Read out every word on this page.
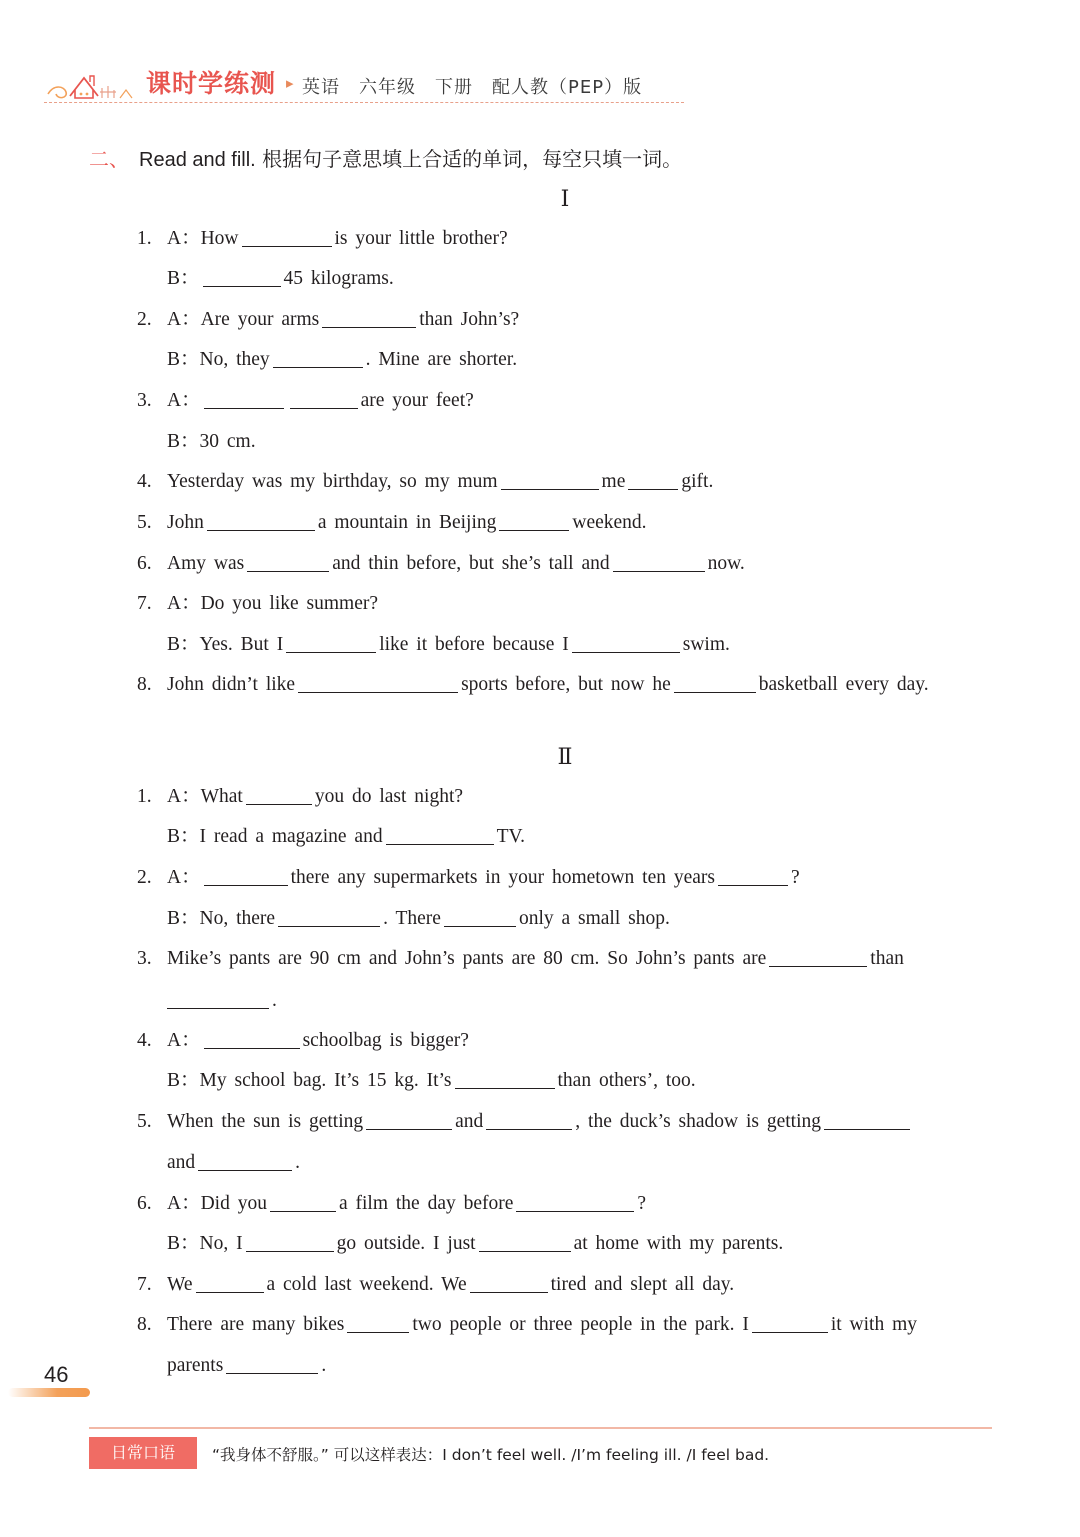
课时学练测 ▸ 英语　六年级　下册　配人教（PEP）版
二、 Read and fill. 根据句子意思填上合适的单词，每空只填一词。
Ⅰ
1. A：How	is your little brother?
B：	45 kilograms.
2. A：Are your arms	than John’s?
B：No, they	. Mine are shorter.
3. A：	are your feet?
B：30 cm.
4. Yesterday was my birthday, so my mum	me	gift.
5. John	a mountain in Beijing	weekend.
6. Amy was	and thin before, but she’s tall and	now.
7. A：Do you like summer?
B：Yes. But I	like it before because I	swim.
8. John didn’t like	sports before, but now he	basketball every day.
Ⅱ
1. A：What	you do last night?
B：I read a magazine and	TV.
2. A：	there any supermarkets in your hometown ten years	?
B：No, there	. There	only a small shop.
3. Mike’s pants are 90 cm and John’s pants are 80 cm. So John’s pants are	than
.
4. A：	schoolbag is bigger?
B：My school bag. It’s 15 kg. It’s	than others’, too.
5. When the sun is getting	and	, the duck’s shadow is getting
and	.
6. A：Did you	a film the day before	?
B：No, I	go outside. I just	at home with my parents.
7. We	a cold last weekend. We	tired and slept all day.
8. There are many bikes	two people or three people in the park. I	it with my
parents	.
46
日常口语	“我身体不舒服。” 可以这样表达：I don’t feel well. /I’m feeling ill. /I feel bad.
